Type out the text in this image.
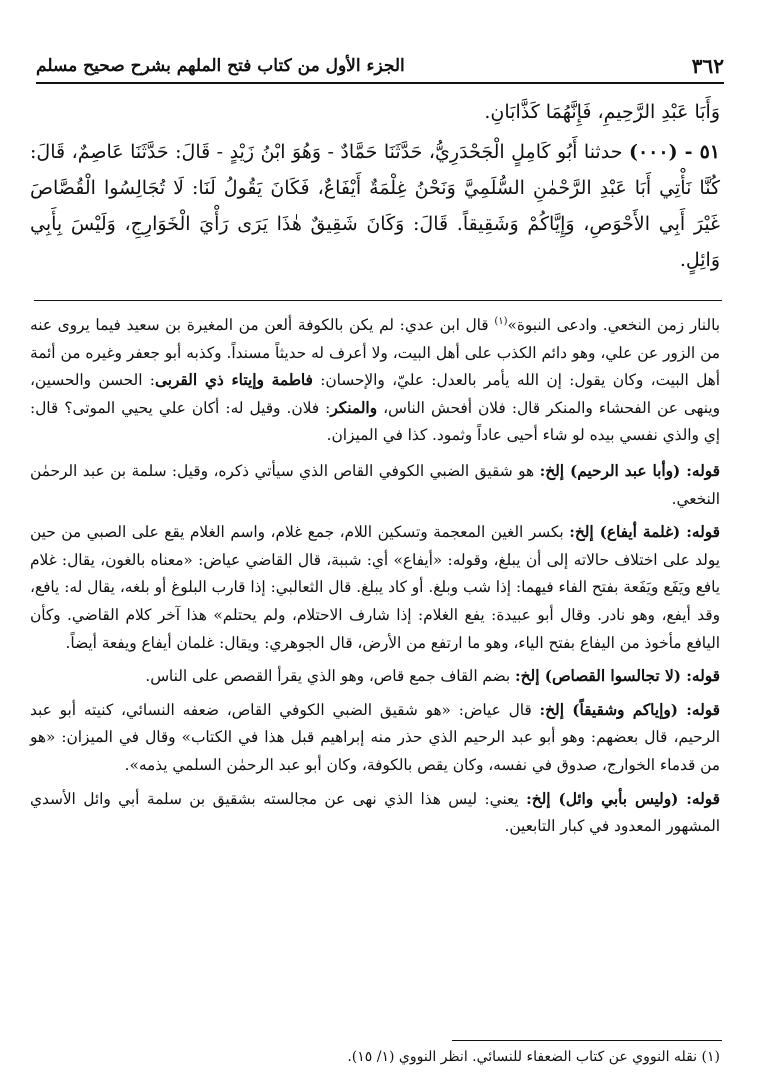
٣٦٢
الجزء الأول من كتاب فتح الملهم بشرح صحيح مسلم

وَأَبَا عَبْدِ الرَّحِيمِ، فَإِنَّهُمَا كَذَّابَانِ.

٥١ - (٠٠٠) حدثنا أَبُو كَامِلٍ الْجَحْدَرِيُّ، حَدَّثَنَا حَمَّادٌ - وَهُوَ ابْنُ زَيْدٍ - قَالَ: حَدَّثَنَا عَاصِمٌ، قَالَ: كُنَّا نَأْتِي أَبَا عَبْدِ الرَّحْمٰنِ السُّلَمِيَّ وَنَحْنُ غِلْمَةٌ أَيْفَاعٌ، فَكَانَ يَقُولُ لَنَا: لَا تُجَالِسُوا الْقُصَّاصَ غَيْرَ أَبِي الأَحْوَصِ، وَإِيَّاكُمْ وَشَقِيقاً. قَالَ: وَكَانَ شَقِيقٌ هٰذَا يَرَى رَأْيَ الْخَوَارِجِ، وَلَيْسَ بِأَبِي وَائِلٍ.

بالنار زمن النخعي. وادعى النبوة»$^{(١)}$ قال ابن عدي: لم يكن بالكوفة ألعن من المغيرة بن سعيد فيما يروى عنه من الزور عن علي، وهو دائم الكذب على أهل البيت، ولا أعرف له حديثاً مسنداً. وكذبه أبو جعفر وغيره من أئمة أهل البيت، وكان يقول: إن الله يأمر بالعدل: عليّ، والإحسان: فاطمة وإيتاء ذي القربى: الحسن والحسين، وينهى عن الفحشاء والمنكر قال: فلان أفحش الناس، والمنكر: فلان. وقيل له: أكان علي يحيي الموتى؟ قال: إي والذي نفسي بيده لو شاء أحيى عاداً وثمود. كذا في الميزان.

قوله: (وأبا عبد الرحيم) إلخ: هو شقيق الضبي الكوفي القاص الذي سيأتي ذكره، وقيل: سلمة بن عبد الرحمٰن النخعي.

قوله: (غلمة أيفاع) إلخ: بكسر الغين المعجمة وتسكين اللام، جمع غلام، واسم الغلام يقع على الصبي من حين يولد على اختلاف حالاته إلى أن يبلغ، وقوله: «أيفاع» أي: شببة، قال القاضي عياض: «معناه بالغون، يقال: غلام يافع ويَفَع ويَفَعة بفتح الفاء فيهما: إذا شب وبلغ. أو كاد يبلغ. قال الثعالبي: إذا قارب البلوغ أو بلغه، يقال له: يافع، وقد أيفع، وهو نادر. وقال أبو عبيدة: يفع الغلام: إذا شارف الاحتلام، ولم يحتلم» هذا آخر كلام القاضي. وكأن اليافع مأخوذ من اليفاع بفتح الياء، وهو ما ارتفع من الأرض، قال الجوهري: ويقال: غلمان أيفاع ويفعة أيضاً.

قوله: (لا تجالسوا القصاص) إلخ: بضم القاف جمع قاص، وهو الذي يقرأ القصص على الناس.

قوله: (وإياكم وشقيقاً) إلخ: قال عياض: «هو شقيق الضبي الكوفي القاص، ضعفه النسائي، كنيته أبو عبد الرحيم، قال بعضهم: وهو أبو عبد الرحيم الذي حذر منه إبراهيم قبل هذا في الكتاب» وقال في الميزان: «هو من قدماء الخوارج، صدوق في نفسه، وكان يقص بالكوفة، وكان أبو عبد الرحمٰن السلمي يذمه».

قوله: (وليس بأبي وائل) إلخ: يعني: ليس هذا الذي نهى عن مجالسته بشقيق بن سلمة أبي وائل الأسدي المشهور المعدود في كبار التابعين.

(١) نقله النووي عن كتاب الضعفاء للنسائي. انظر النووي (١/ ١٥).
